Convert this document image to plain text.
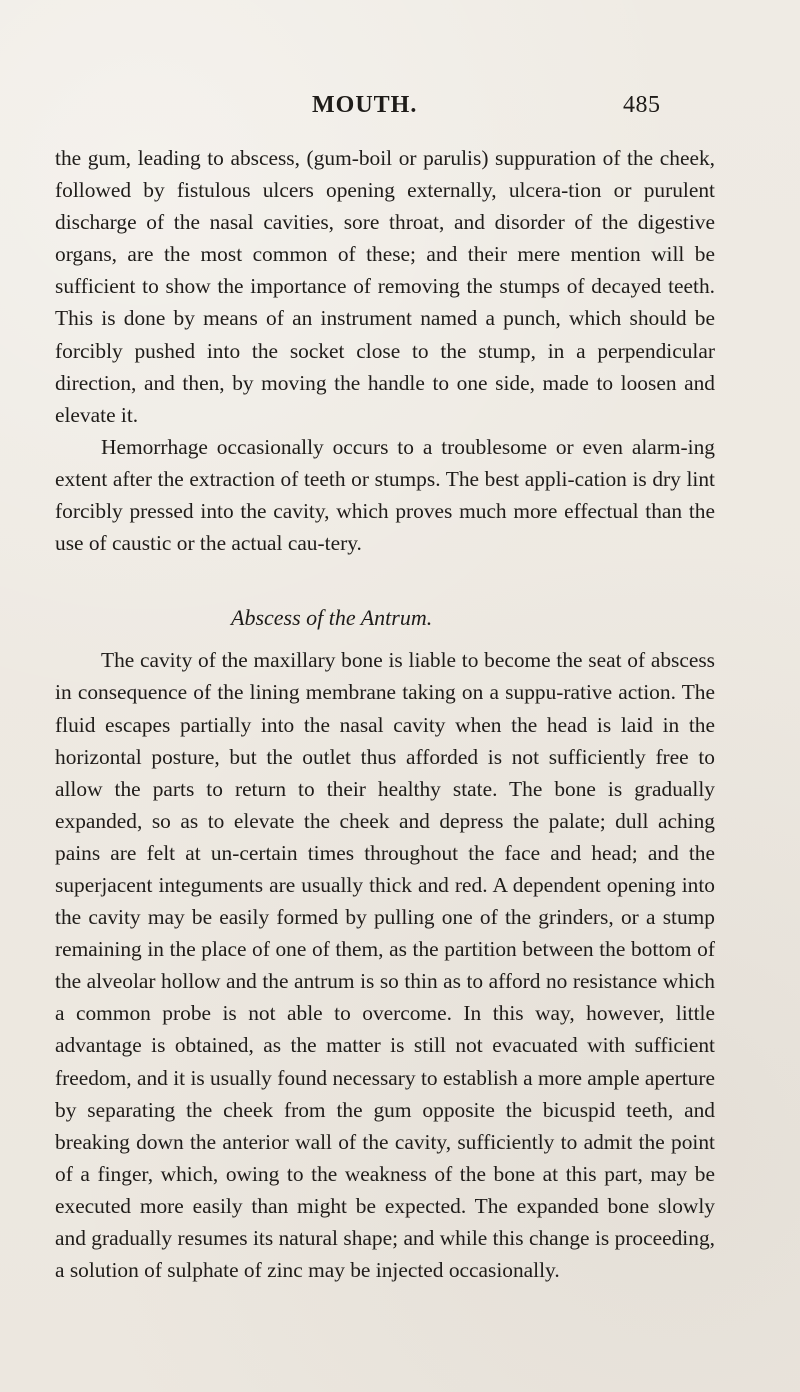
MOUTH.	485

the gum, leading to abscess, (gum-boil or parulis) suppuration of the cheek, followed by fistulous ulcers opening externally, ulcera-tion or purulent discharge of the nasal cavities, sore throat, and disorder of the digestive organs, are the most common of these; and their mere mention will be sufficient to show the importance of removing the stumps of decayed teeth. This is done by means of an instrument named a punch, which should be forcibly pushed into the socket close to the stump, in a perpendicular direction, and then, by moving the handle to one side, made to loosen and elevate it.

Hemorrhage occasionally occurs to a troublesome or even alarm-ing extent after the extraction of teeth or stumps. The best appli-cation is dry lint forcibly pressed into the cavity, which proves much more effectual than the use of caustic or the actual cau-tery.

Abscess of the Antrum.

The cavity of the maxillary bone is liable to become the seat of abscess in consequence of the lining membrane taking on a suppu-rative action. The fluid escapes partially into the nasal cavity when the head is laid in the horizontal posture, but the outlet thus afforded is not sufficiently free to allow the parts to return to their healthy state. The bone is gradually expanded, so as to elevate the cheek and depress the palate; dull aching pains are felt at un-certain times throughout the face and head; and the superjacent integuments are usually thick and red. A dependent opening into the cavity may be easily formed by pulling one of the grinders, or a stump remaining in the place of one of them, as the partition between the bottom of the alveolar hollow and the antrum is so thin as to afford no resistance which a common probe is not able to overcome. In this way, however, little advantage is obtained, as the matter is still not evacuated with sufficient freedom, and it is usually found necessary to establish a more ample aperture by separating the cheek from the gum opposite the bicuspid teeth, and breaking down the anterior wall of the cavity, sufficiently to admit the point of a finger, which, owing to the weakness of the bone at this part, may be executed more easily than might be expected. The expanded bone slowly and gradually resumes its natural shape; and while this change is proceeding, a solution of sulphate of zinc may be injected occasionally.
